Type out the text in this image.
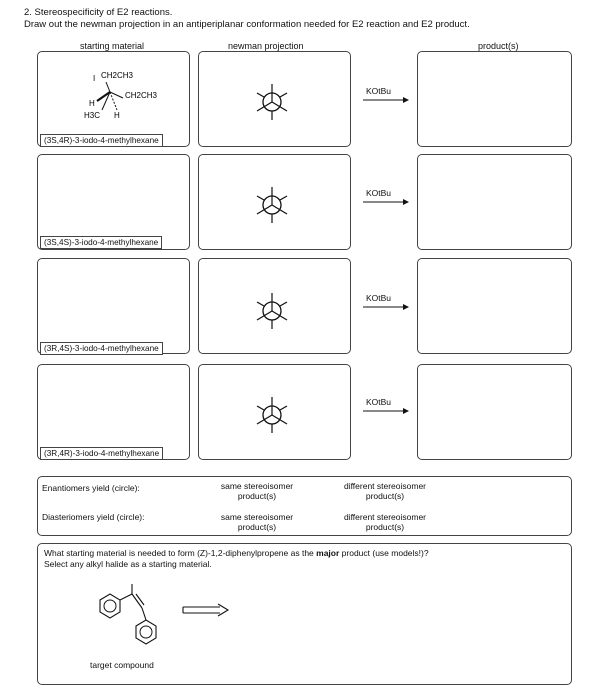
2. Stereospecificity of E2 reactions.
Draw out the newman projection in an antiperiplanar conformation needed for E2 reaction and E2 product.
starting material	newman projection	product(s)
I CH2CH3
CH2CH3
H
H3C H
(3S,4R)-3-iodo-4-methylhexane
KOtBu
(3S,4S)-3-iodo-4-methylhexane
KOtBu
(3R,4S)-3-iodo-4-methylhexane
KOtBu
(3R,4R)-3-iodo-4-methylhexane
KOtBu
Enantiomers yield (circle):
Diasteriomers yield (circle):
same stereoisomer
product(s)
different stereoisomer
product(s)
same stereoisomer
product(s)
different stereoisomer
product(s)
What starting material is needed to form (Z)-1,2-diphenylpropene as the major product (use models!)?
Select any alkyl halide as a starting material.
target compound
